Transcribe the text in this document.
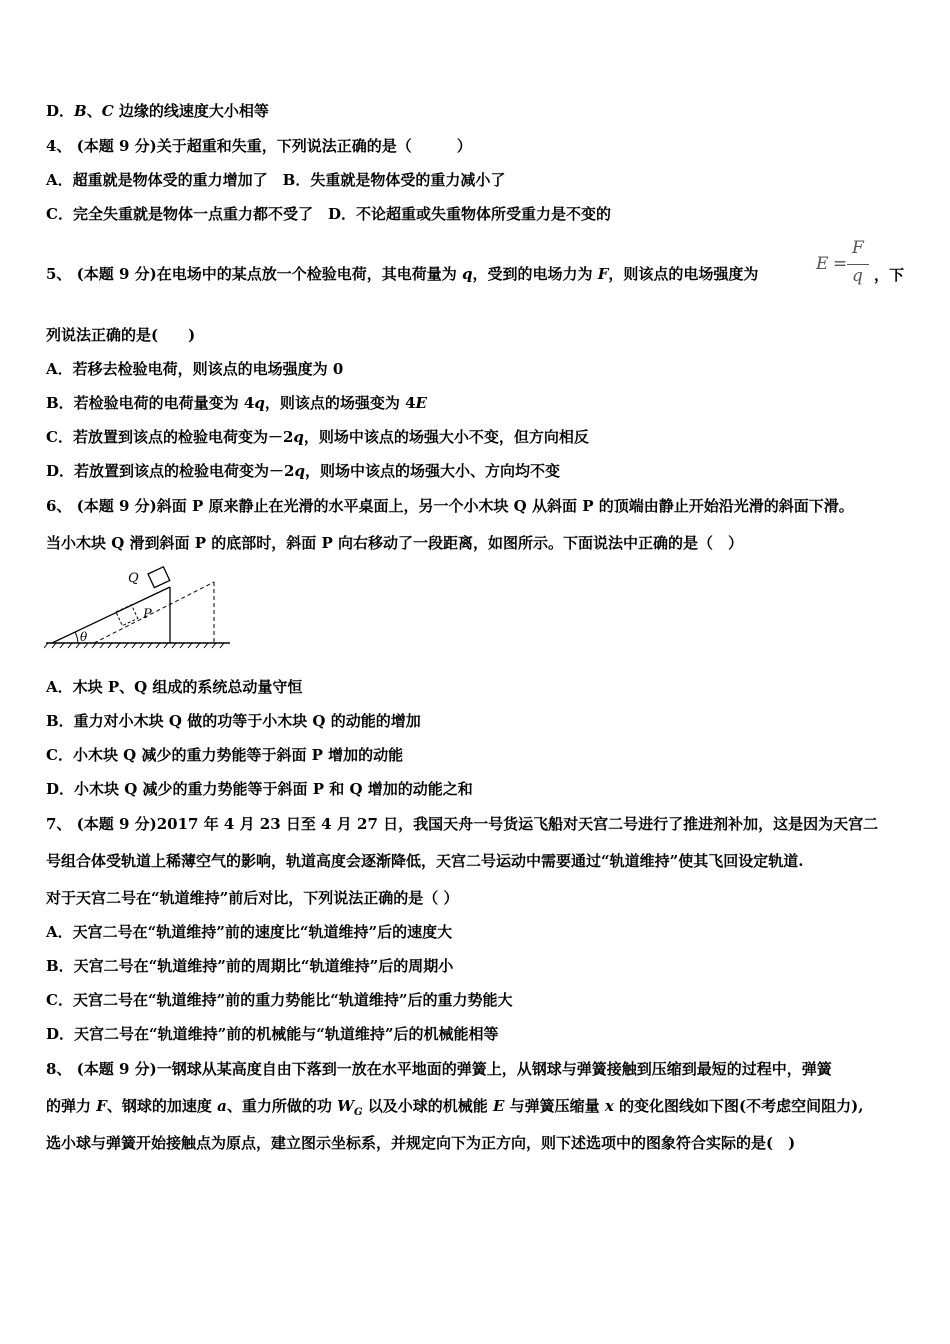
D．B、C 边缘的线速度大小相等
4、 (本题 9 分)关于超重和失重，下列说法正确的是（　　　）
A．超重就是物体受的重力增加了　B．失重就是物体受的重力减小了
C．完全失重就是物体一点重力都不受了　D．不论超重或失重物体所受重力是不变的
5、 (本题 9 分)在电场中的某点放一个检验电荷，其电荷量为 q，受到的电场力为 F，则该点的电场强度为	E =
F
q ，下
列说法正确的是(　　)
A．若移去检验电荷，则该点的电场强度为 0
B．若检验电荷的电荷量变为 4q，则该点的场强变为 4E
C．若放置到该点的检验电荷变为－2q，则场中该点的场强大小不变，但方向相反
D．若放置到该点的检验电荷变为－2q，则场中该点的场强大小、方向均不变
6、 (本题 9 分)斜面 P 原来静止在光滑的水平桌面上，另一个小木块 Q 从斜面 P 的顶端由静止开始沿光滑的斜面下滑。
当小木块 Q 滑到斜面 P 的底部时，斜面 P 向右移动了一段距离，如图所示。下面说法中正确的是（　）
Q
P
θ
A．木块 P、Q 组成的系统总动量守恒
B．重力对小木块 Q 做的功等于小木块 Q 的动能的增加
C．小木块 Q 减少的重力势能等于斜面 P 增加的动能
D．小木块 Q 减少的重力势能等于斜面 P 和 Q 增加的动能之和
7、 (本题 9 分)2017 年 4 月 23 日至 4 月 27 日，我国天舟一号货运飞船对天宫二号进行了推进剂补加，这是因为天宫二
号组合体受轨道上稀薄空气的影响，轨道高度会逐渐降低，天宫二号运动中需要通过“轨道维持”使其飞回设定轨道.
对于天宫二号在“轨道维持”前后对比，下列说法正确的是（ ）
A．天宫二号在“轨道维持”前的速度比“轨道维持”后的速度大
B．天宫二号在“轨道维持”前的周期比“轨道维持”后的周期小
C．天宫二号在“轨道维持”前的重力势能比“轨道维持”后的重力势能大
D．天宫二号在“轨道维持”前的机械能与“轨道维持”后的机械能相等
8、 (本题 9 分)一钢球从某高度自由下落到一放在水平地面的弹簧上，从钢球与弹簧接触到压缩到最短的过程中，弹簧
的弹力 F、钢球的加速度 a、重力所做的功 $W_G$ 以及小球的机械能 E 与弹簧压缩量 x 的变化图线如下图(不考虑空间阻力),
选小球与弹簧开始接触点为原点，建立图示坐标系，并规定向下为正方向，则下述选项中的图象符合实际的是(　)
